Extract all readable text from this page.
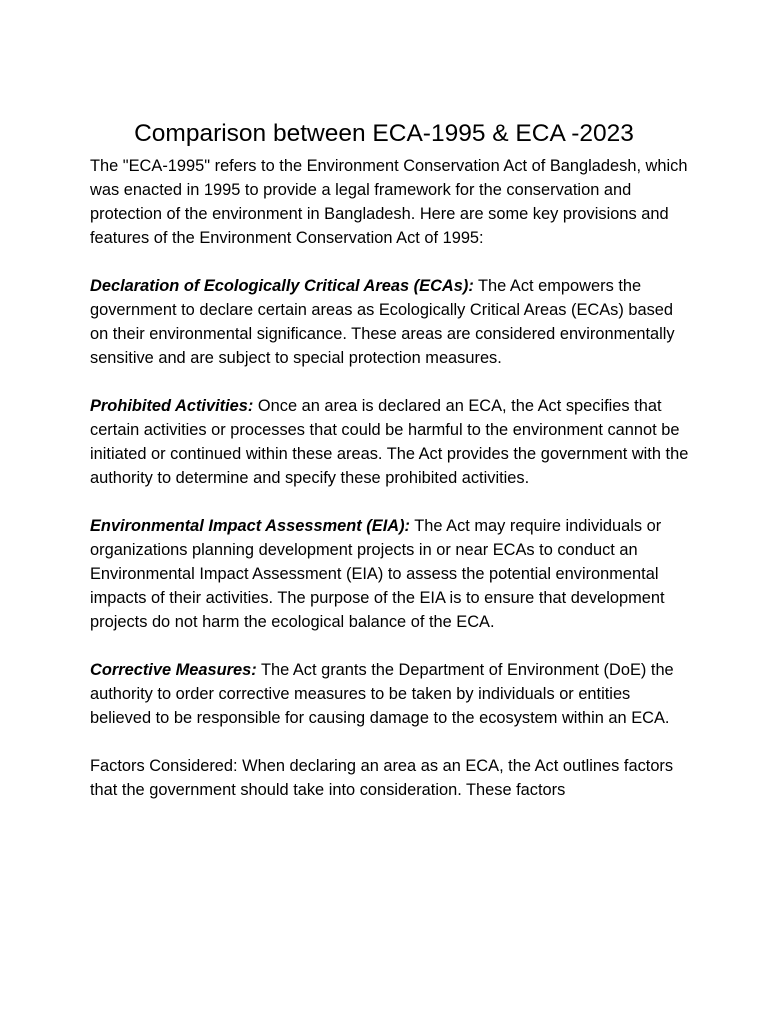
Comparison between ECA-1995 & ECA -2023

The "ECA-1995" refers to the Environment Conservation Act of Bangladesh, which was enacted in 1995 to provide a legal framework for the conservation and protection of the environment in Bangladesh. Here are some key provisions and features of the Environment Conservation Act of 1995:

Declaration of Ecologically Critical Areas (ECAs): The Act empowers the government to declare certain areas as Ecologically Critical Areas (ECAs) based on their environmental significance. These areas are considered environmentally sensitive and are subject to special protection measures.

Prohibited Activities: Once an area is declared an ECA, the Act specifies that certain activities or processes that could be harmful to the environment cannot be initiated or continued within these areas. The Act provides the government with the authority to determine and specify these prohibited activities.

Environmental Impact Assessment (EIA): The Act may require individuals or organizations planning development projects in or near ECAs to conduct an Environmental Impact Assessment (EIA) to assess the potential environmental impacts of their activities. The purpose of the EIA is to ensure that development projects do not harm the ecological balance of the ECA.

Corrective Measures: The Act grants the Department of Environment (DoE) the authority to order corrective measures to be taken by individuals or entities believed to be responsible for causing damage to the ecosystem within an ECA.

Factors Considered: When declaring an area as an ECA, the Act outlines factors that the government should take into consideration. These factors
